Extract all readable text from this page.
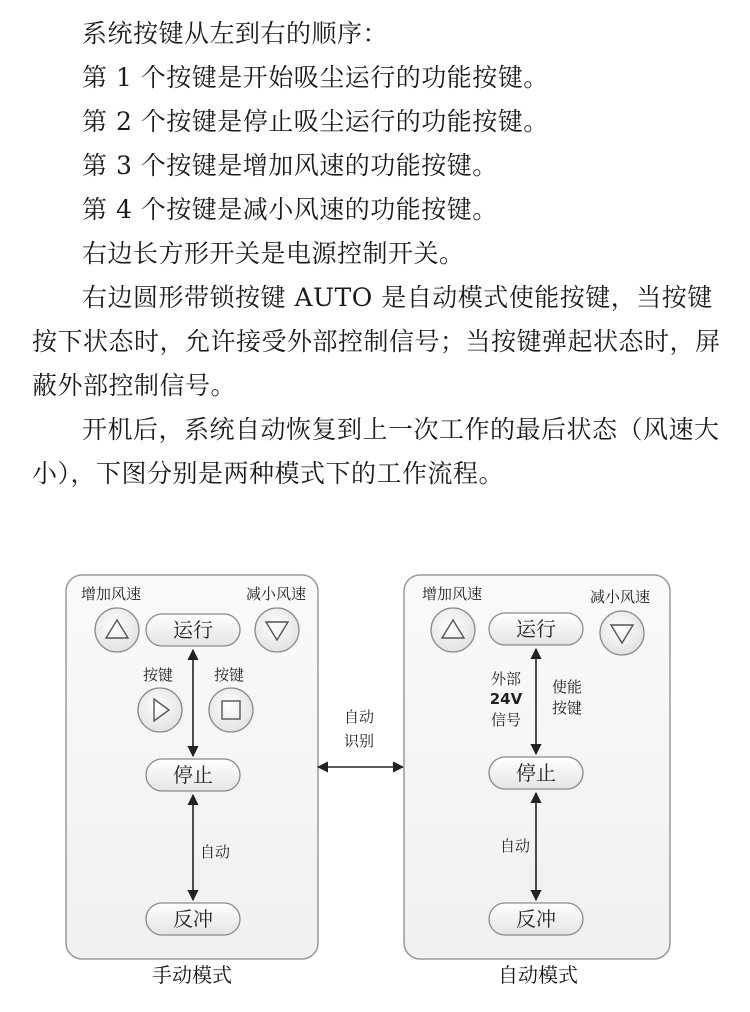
系统按键从左到右的顺序：

第 1 个按键是开始吸尘运行的功能按键。

第 2 个按键是停止吸尘运行的功能按键。

第 3 个按键是增加风速的功能按键。

第 4 个按键是减小风速的功能按键。

右边长方形开关是电源控制开关。

右边圆形带锁按键 AUTO 是自动模式使能按键，当按键按下状态时，允许接受外部控制信号；当按键弹起状态时，屏蔽外部控制信号。

开机后，系统自动恢复到上一次工作的最后状态（风速大小），下图分别是两种模式下的工作流程。

增加风速	减小风速
运行
按键	按键
停止
自动
反冲
手动模式
自动
识别
增加风速	减小风速
运行
外部
24V
信号
使能
按键
停止
自动
反冲
自动模式
